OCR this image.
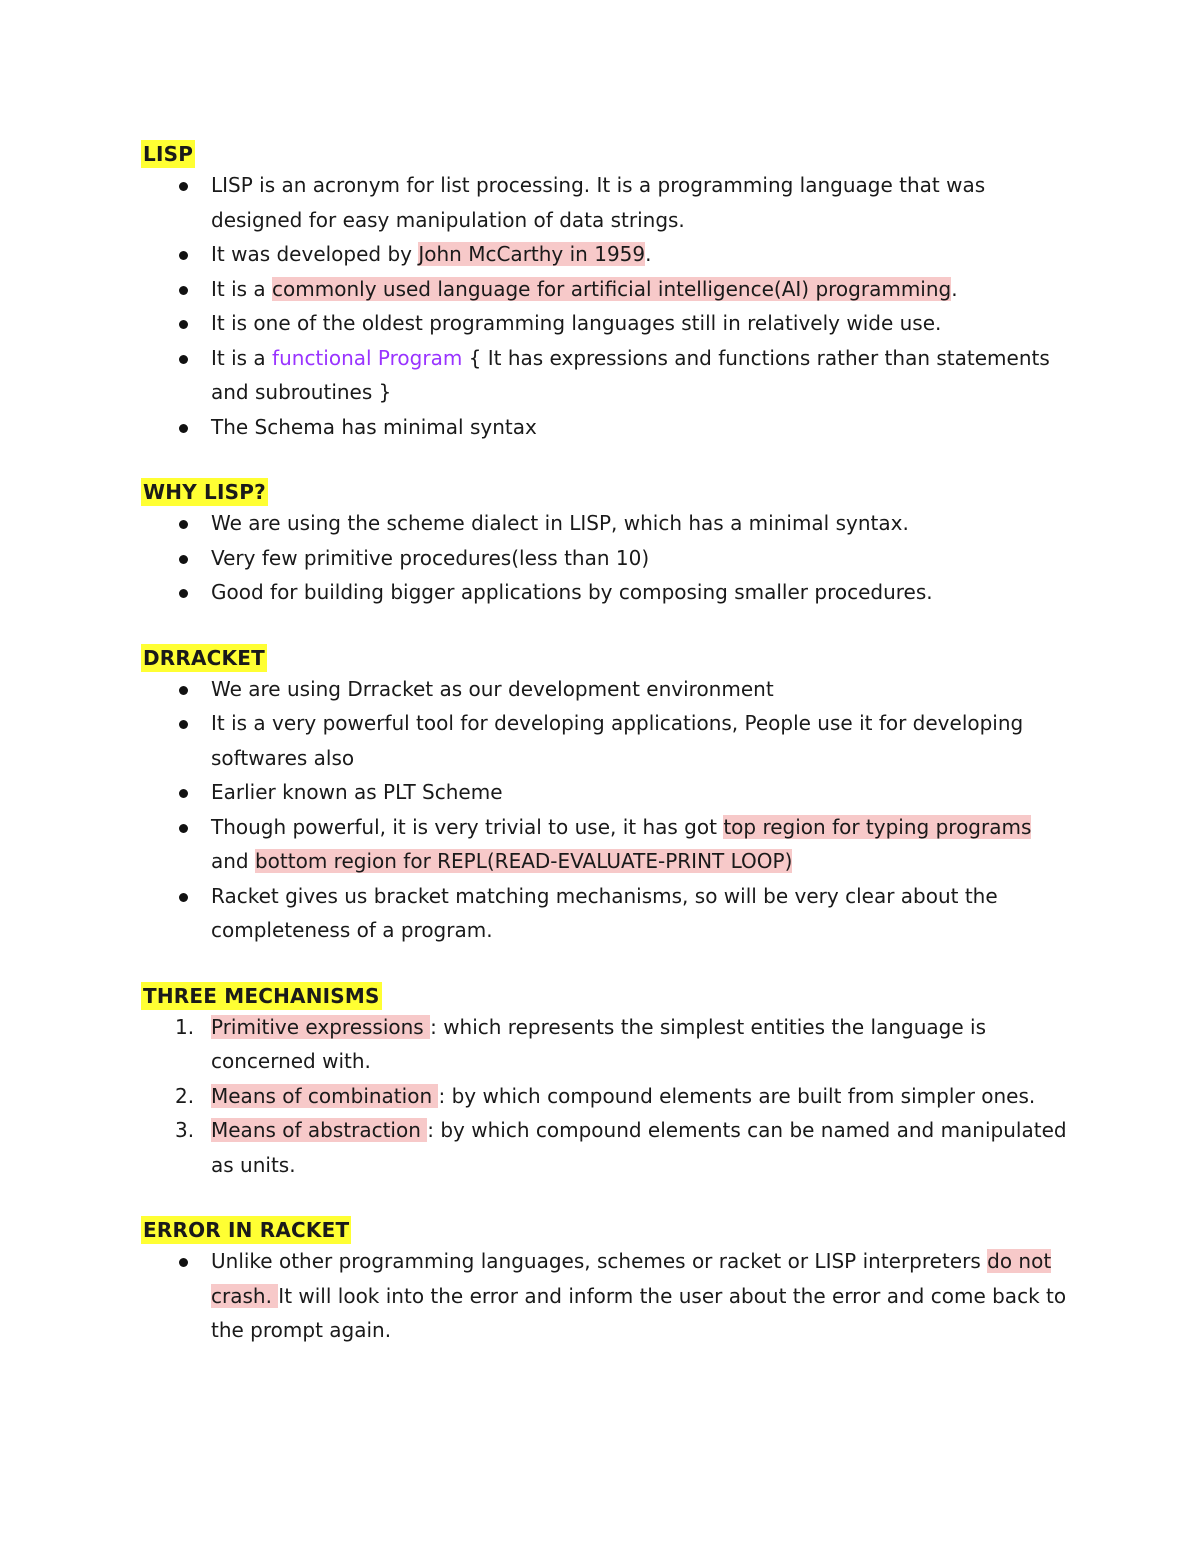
LISP
LISP is an acronym for list processing. It is a programming language that was designed for easy manipulation of data strings.
It was developed by John McCarthy in 1959.
It is a commonly used language for artificial intelligence(AI) programming.
It is one of the oldest programming languages still in relatively wide use.
It is a functional Program { It has expressions and functions rather than statements and subroutines }
The Schema has minimal syntax
WHY LISP?
We are using the scheme dialect in LISP, which has a minimal syntax.
Very few primitive procedures(less than 10)
Good for building bigger applications by composing smaller procedures.
DRRACKET
We are using Drracket as our development environment
It is a very powerful tool for developing applications, People use it for developing softwares also
Earlier known as PLT Scheme
Though powerful, it is very trivial to use, it has got top region for typing programs and bottom region for REPL(READ-EVALUATE-PRINT LOOP)
Racket gives us bracket matching mechanisms, so will be very clear about the completeness of a program.
THREE MECHANISMS
1. Primitive expressions : which represents the simplest entities the language is concerned with.
2. Means of combination : by which compound elements are built from simpler ones.
3. Means of abstraction : by which compound elements can be named and manipulated as units.
ERROR IN RACKET
Unlike other programming languages, schemes or racket or LISP interpreters do not crash. It will look into the error and inform the user about the error and come back to the prompt again.
